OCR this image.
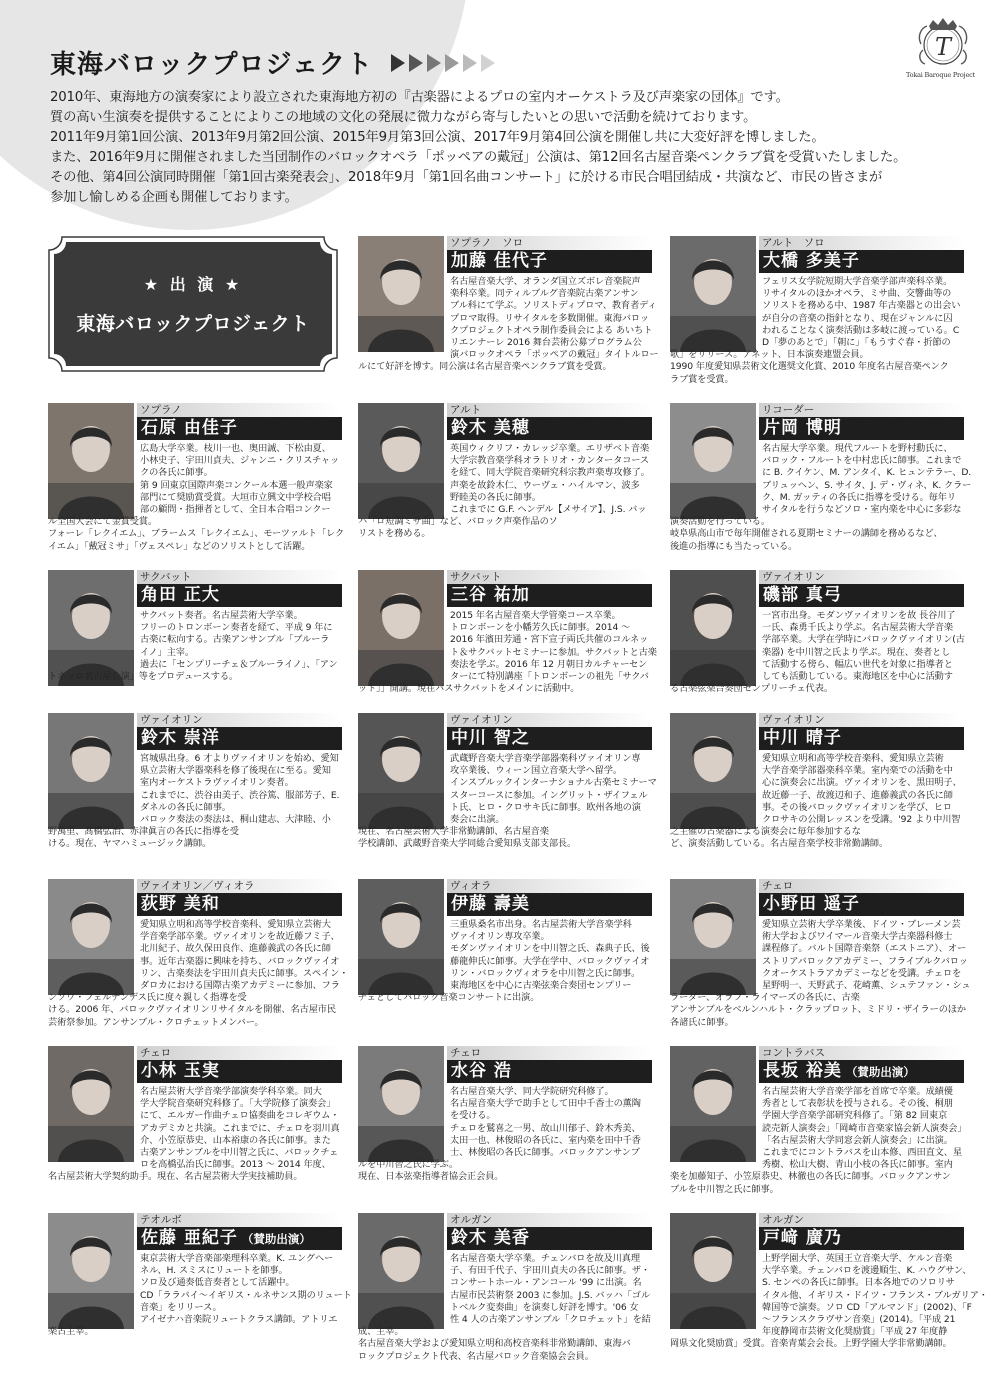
東海バロックプロジェクト
T
Tokai Baroque Project

2010年、東海地方の演奏家により設立された東海地方初の『古楽器によるプロの室内オーケストラ及び声楽家の団体』です。

質の高い生演奏を提供することによりこの地域の文化の発展に微力ながら寄与したいとの思いで活動を続けております。

2011年9月第1回公演、2013年9月第2回公演、2015年9月第3回公演、2017年9月第4回公演を開催し共に大変好評を博しました。

また、2016年9月に開催されました当団制作のバロックオペラ「ポッペアの戴冠」公演は、第12回名古屋音楽ペンクラブ賞を受賞いたしました。

その他、第4回公演同時開催「第1回古楽発表会」、2018年9月「第1回名曲コンサート」に於ける市民合唱団結成・共演など、市民の皆さまが

参加し愉しめる企画も開催しております。

★ 出 演 ★
東海バロックプロジェクト
ソプラノ　ソロ
加藤 佳代子
名古屋音楽大学、オランダ国立ズボレ音楽院声
楽科卒業。同ティルブルグ音楽院古楽アンサン
ブル科にて学ぶ。ソリストディプロマ、教育者ディ
プロマ取得。リサイタルを多数開催。東海バロッ
クプロジェクトオペラ制作委員会による あいちト
リエンナーレ 2016 舞台芸術公募プログラム公
演バロックオペラ「ポッペアの戴冠」タイトルロー
ルにて好評を博す。同公演は名古屋音楽ペンクラブ賞を受賞。
アルト　ソロ
大橋 多美子
フェリス女学院短期大学音楽学部声楽科卒業。
リサイタルのほかオペラ、ミサ曲、交響曲等の
ソリストを務める中、1987 年古楽器との出会い
が自分の音楽の指針となり、現在ジャンルに囚
われることなく演奏活動は多岐に渡っている。C
D「夢のあとで」「朝に」「もうすぐ春・折節の
歌」をリリース。アネット、日本演奏連盟会員。
1990 年度愛知県芸術文化選奨文化賞、2010 年度名古屋音楽ペンク
ラブ賞を受賞。
ソプラノ
石原 由佳子
広島大学卒業。枝川一也、奥田誠、下松由夏、
小林史子、宇田川貞夫、ジャンニ・クリスチャッ
クの各氏に師事。
第 9 回東京国際声楽コンクール本選一般声楽家
部門にて奨励賞受賞。大垣市立興文中学校合唱
部の顧問・指揮者として、全日本合唱コンクー
ル全国大会にて金賞受賞。
フォーレ「レクイエム」、ブラームス「レクイエム」、モーツァルト「レク
イエム」「戴冠ミサ」「ヴェスペレ」などのソリストとして活躍。
アルト
鈴木 美穂
英国ウィクリフ・カレッジ卒業。エリザベト音楽
大学宗教音楽学科オラトリオ・カンタータコース
を経て、同大学院音楽研究科宗教声楽専攻修了。
声楽を故鈴木仁、ウーヴェ・ハイルマン、波多
野睦美の各氏に師事。
これまでに G.F. ヘンデル【メサイア】、J.S. バッ
ハ「ロ短調ミサ曲」など、バロック声楽作品のソ
リストを務める。
リコーダー
片岡 博明
名古屋大学卒業。現代フルートを野村勳氏に、
バロック・フルートを中村忠氏に師事。これまで
に B. クイケン、M. アンタイ、K. ヒュンテラー、D.
ブリュッヘン、S. サイタ、J. デ・ヴィネ、K. クラー
ク、M. ガッティの各氏に指導を受ける。毎年リ
サイタルを行うなどソロ・室内楽を中心に多彩な
演奏活動を行っている。
岐阜県高山市で毎年開催される夏期セミナーの講師を務めるなど、
後進の指導にも当たっている。
サクバット
角田 正大
サクバット奏者。名古屋芸術大学卒業。
フリーのトロンボーン奏者を経て、平成 9 年に
古楽に転向する。古楽アンサンブル「ブルーラ
イノ」主宰。
過去に「センプリーチェ＆ブルーライノ」、「アン
トネッロ名古屋公演」等をプロデュースする。
サクバット
三谷 祐加
2015 年名古屋音楽大学管楽コース卒業。
トロンボーンを小幡芳久氏に師事。2014 〜
2016 年濱田芳通・宮下宣子両氏共催のコルネッ
ト＆サクバットセミナーに参加。サクバットと古楽
奏法を学ぶ。2016 年 12 月朝日カルチャーセン
ターにて特別講座「トロンボーンの祖先「サクバ
ット」」開講。現在バスサクバットをメインに活動中。
ヴァイオリン
磯部 真弓
一宮市出身。モダンヴァイオリンを故 長谷川了
一氏、森勇千氏より学ぶ。名古屋芸術大学音楽
学部卒業。大学在学時にバロックヴァイオリン(古
楽器) を中川智之氏より学ぶ。現在、奏者とし
て活動する傍ら、幅広い世代を対象に指導者と
しても活動している。東海地区を中心に活動す
る古楽弦楽合奏団センプリーチェ代表。
ヴァイオリン
鈴木 崇洋
宮城県出身。6 才よりヴァイオリンを始め、愛知
県立芸術大学器楽科を修了後現在に至る。愛知
室内オーケストラヴァイオリン奏者。
これまでに、渋谷由美子、渋谷篤、服部芳子、E.
ダネルの各氏に師事。
バロック奏法の奏法は、桐山建志、大津睦、小
野萬里、髙橋弘治、赤津眞言の各氏に指導を受
ける。現在、ヤマハミュージック講師。
ヴァイオリン
中川 智之
武蔵野音楽大学音楽学部器楽科ヴァイオリン専
攻卒業後、ウィーン国立音楽大学へ留学。
インスブルックインターナショナル古楽セミナーマ
スターコースに参加。イングリット・ザイフェル
ト氏、ヒロ・クロサキ氏に師事。欧州各地の演
奏会に出演。
現在、名古屋芸術大学非常勤講師、名古屋音楽
学校講師、武蔵野音楽大学同総合愛知県支部支部長。
ヴァイオリン
中川 晴子
愛知県立明和高等学校音楽科、愛知県立芸術
大学音楽学部器楽科卒業。室内楽での活動を中
心に演奏会に出演。ヴァイオリンを、黒田明子、
故近藤一子、故渡辺和子、進藤義武の各氏に師
事。その後バロックヴァイオリンを学び、ヒロ
クロサキの公開レッスンを受講。'92 より中川智
之主催の古楽器による演奏会に毎年参加するな
ど、演奏活動している。名古屋音楽学校非常勤講師。
ヴァイオリン／ヴィオラ
荻野 美和
愛知県立明和高等学校音楽科、愛知県立芸術大
学音楽学部卒業。ヴァイオリンを故近藤フミ子、
北川紀子、故久保田良作、進藤義武の各氏に師
事。近年古楽器に興味を持ち、バロックヴァイオ
リン、古楽奏法を宇田川貞夫氏に師事。スペイン・
ダロカにおける国際古楽アカデミーに参加、フラ
ンソワ・フェルナンデス氏に度々親しく指導を受
ける。2006 年、バロックヴァイオリンリサイタルを開催、名古屋市民
芸術祭参加。アンサンブル・クロチェットメンバー。
ヴィオラ
伊藤 壽美
三重県桑名市出身。名古屋芸術大学音楽学科
ヴァイオリン専攻卒業。
モダンヴァイオリンを中川智之氏、森典子氏、後
藤龍伸氏に師事。大学在学中、バロックヴァイオ
リン・バロックヴィオラを中川智之氏に師事。
東海地区を中心に古楽弦楽合奏団センプリー
チェとしてバロック音楽コンサートに出演。
チェロ
小野田 遥子
愛知県立芸術大学卒業後、ドイツ・ブレーメン芸
術大学およびワイマール音楽大学古楽器科修士
課程修了。バルト国際音楽祭（エストニア）、オー
ストリアバロックアカデミー、フライブルクバロッ
クオーケストラアカデミーなどを受講。チェロを
星野明一、天野武子、花崎薫、シュテファン・シュ
ラーダー、オラフ・ライマーズの各氏に、古楽
アンサンブルをベルンハルト・クラップロット、ミドリ・ザイラーのほか
各諸氏に師事。
チェロ
小林 玉実
名古屋芸術大学音楽学部演奏学科卒業。同大
学大学院音楽研究科修了。「大学院修了演奏会」
にて、エルガー作曲チェロ協奏曲をコレギウム・
アカデミカと共演。これまでに、チェロを羽川真
介、小笠原恭史、山本裕康の各氏に師事。また
古楽アンサンブルを中川智之氏に、バロックチェ
ロを高橋弘治氏に師事。2013 〜 2014 年度、
名古屋芸術大学契約助手。現在、名古屋芸術大学実技補助員。
チェロ
水谷 浩
名古屋音楽大学、同大学院研究科修了。
名古屋音楽大学で助手として田中千香士の薫陶
を受ける。
チェロを鷲喜之一男、故山川郁子、鈴木秀美、
太田一也、林俊昭の各氏に、室内楽を田中千香
士、林俊昭の各氏に師事。バロックアンサンブ
ルを中川智之氏に学ぶ。
現在、日本弦楽指導者協会正会員。
コントラバス
長坂 裕美 （賛助出演）
名古屋芸術大学音楽学部を首席で卒業。成績優
秀者として表彰状を授与される。その後、桐朋
学園大学音楽学部研究科修了。「第 82 回東京
読売新人演奏会」「岡崎市音楽家協会新人演奏会」
「名古屋芸術大学同窓会新人演奏会」に出演。
これまでにコントラバスを山本修、西田直文、星
秀樹、松山大樹、青山小枝の各氏に師事。室内
楽を加藤知子、小笠原恭史、林徹也の各氏に師事。バロックアンサン
ブルを中川智之氏に師事。
テオルボ
佐藤 亜紀子 （賛助出演）
東京芸術大学音楽部楽理科卒業。K. ユングヘー
ネル、H. スミスにリュートを師事。
ソロ及び通奏低音奏者として活躍中。
CD「ララバイ〜イギリス・ルネサンス期のリュート
音楽」をリリース。
アイゼナハ音楽院リュートクラス講師。アトリエ
楽古主宰。
オルガン
鈴木 美香
名古屋音楽大学卒業。チェンバロを故及川真理
子、有田千代子、宇田川貞夫の各氏に師事。ザ・
コンサートホール・アンコール '99 に出演。名
古屋市民芸術祭 2003 に参加。J.S. バッハ「ゴル
トベルク変奏曲」を演奏し好評を博す。'06 女
性 4 人の古楽アンサンブル「クロチェット」を結
成、主宰。
名古屋音楽大学および愛知県立明和高校音楽科非常勤講師、東海バ
ロックプロジェクト代表、名古屋バロック音楽協会会員。
オルガン
戸﨑 廣乃
上野学園大学、英国王立音楽大学、ケルン音楽
大学卒業。チェンバロを渡邊順生、K. ハウグサン、
S. センペの各氏に師事。日本各地でのソロリサ
イタル他、イギリス・ドイツ・フランス・ブルガリア・
韓国等で演奏。ソロ CD「アルマンド」(2002)、「F
〜フランスクラヴサン音楽」(2014)。「平成 21
年度静岡市芸術文化奨励賞」「平成 27 年度静
岡県文化奨励賞」受賞。音楽青葉会会長。上野学園大学非常勤講師。
